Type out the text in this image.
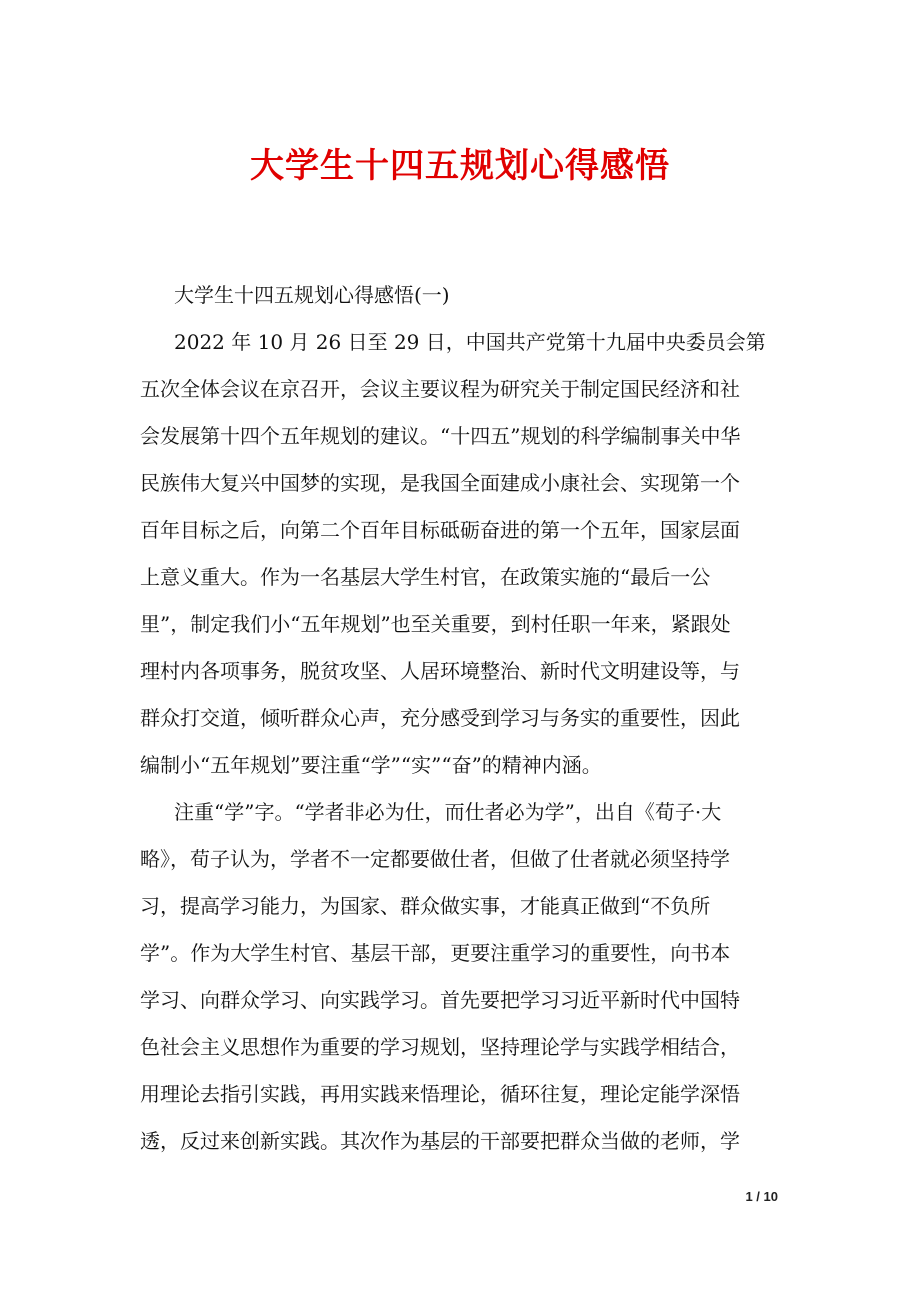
大学生十四五规划心得感悟

大学生十四五规划心得感悟(一)

2022 年 10 月 26 日至 29 日，中国共产党第十九届中央委员会第
五次全体会议在京召开，会议主要议程为研究关于制定国民经济和社
会发展第十四个五年规划的建议。“十四五”规划的科学编制事关中华
民族伟大复兴中国梦的实现，是我国全面建成小康社会、实现第一个
百年目标之后，向第二个百年目标砥砺奋进的第一个五年，国家层面
上意义重大。作为一名基层大学生村官，在政策实施的“最后一公
里”，制定我们小“五年规划”也至关重要，到村任职一年来，紧跟处
理村内各项事务，脱贫攻坚、人居环境整治、新时代文明建设等，与
群众打交道，倾听群众心声，充分感受到学习与务实的重要性，因此
编制小“五年规划”要注重“学”“实”“奋”的精神内涵。

注重“学”字。“学者非必为仕，而仕者必为学”，出自《荀子·大
略》，荀子认为，学者不一定都要做仕者，但做了仕者就必须坚持学
习，提高学习能力，为国家、群众做实事，才能真正做到“不负所
学”。作为大学生村官、基层干部，更要注重学习的重要性，向书本
学习、向群众学习、向实践学习。首先要把学习习近平新时代中国特
色社会主义思想作为重要的学习规划，坚持理论学与实践学相结合，
用理论去指引实践，再用实践来悟理论，循环往复，理论定能学深悟
透，反过来创新实践。其次作为基层的干部要把群众当做的老师，学

1 / 10
